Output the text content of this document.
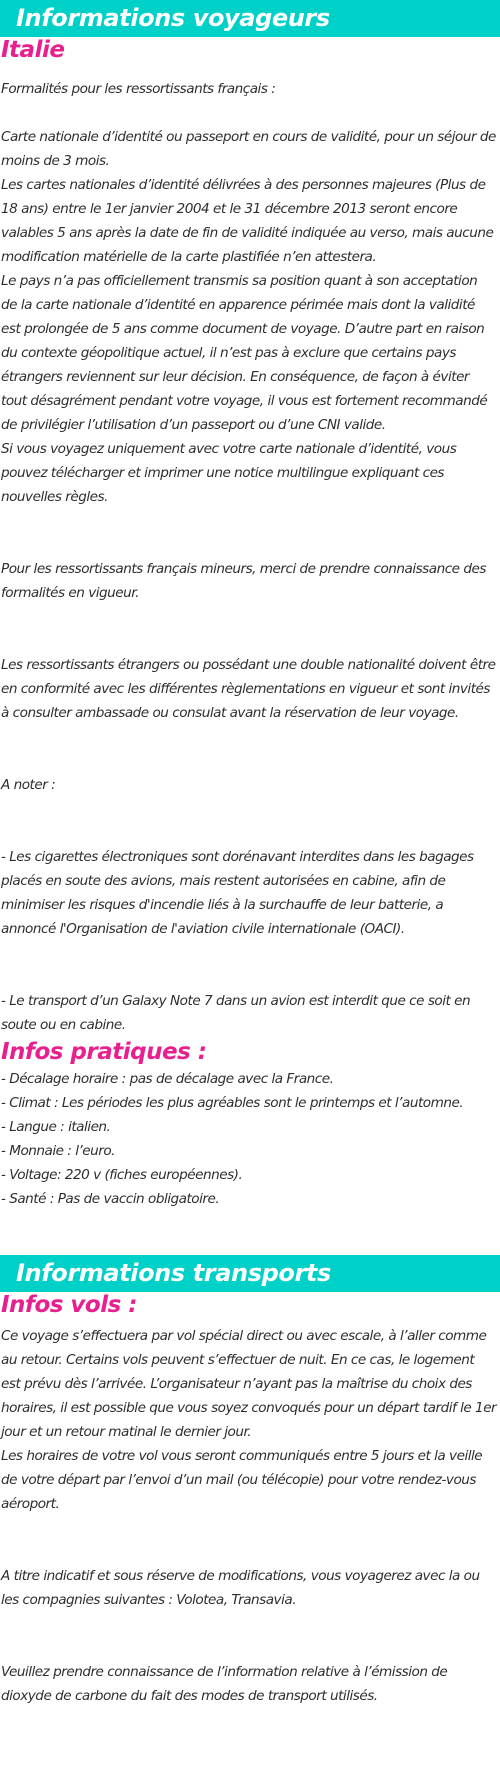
Informations voyageurs
Italie

Formalités pour les ressortissants français :

Carte nationale d’identité ou passeport en cours de validité, pour un séjour de moins de 3 mois.
Les cartes nationales d’identité délivrées à des personnes majeures (Plus de 18 ans) entre le 1er janvier 2004 et le 31 décembre 2013 seront encore valables 5 ans après la date de fin de validité indiquée au verso, mais aucune modification matérielle de la carte plastifiée n’en attestera.
Le pays n’a pas officiellement transmis sa position quant à son acceptation de la carte nationale d’identité en apparence périmée mais dont la validité est prolongée de 5 ans comme document de voyage. D’autre part en raison du contexte géopolitique actuel, il n’est pas à exclure que certains pays étrangers reviennent sur leur décision. En conséquence, de façon à éviter tout désagrément pendant votre voyage, il vous est fortement recommandé de privilégier l’utilisation d’un passeport ou d’une CNI valide.
Si vous voyagez uniquement avec votre carte nationale d’identité, vous pouvez télécharger et imprimer une notice multilingue expliquant ces nouvelles règles.

Pour les ressortissants français mineurs, merci de prendre connaissance des formalités en vigueur.

Les ressortissants étrangers ou possédant une double nationalité doivent être en conformité avec les différentes règlementations en vigueur et sont invités à consulter ambassade ou consulat avant la réservation de leur voyage.

A noter :

- Les cigarettes électroniques sont dorénavant interdites dans les bagages placés en soute des avions, mais restent autorisées en cabine, afin de minimiser les risques d'incendie liés à la surchauffe de leur batterie, a annoncé l'Organisation de l'aviation civile internationale (OACI).

- Le transport d’un Galaxy Note 7 dans un avion est interdit que ce soit en soute ou en cabine.

Infos pratiques :
- Décalage horaire : pas de décalage avec la France.
- Climat : Les périodes les plus agréables sont le printemps et l’automne.
- Langue : italien.
- Monnaie : l’euro.
- Voltage: 220 v (fiches européennes).
- Santé : Pas de vaccin obligatoire.
Informations transports
Infos vols :
Ce voyage s’effectuera par vol spécial direct ou avec escale, à l’aller comme au retour. Certains vols peuvent s’effectuer de nuit. En ce cas, le logement est prévu dès l’arrivée. L’organisateur n’ayant pas la maîtrise du choix des horaires, il est possible que vous soyez convoqués pour un départ tardif le 1er jour et un retour matinal le dernier jour.
Les horaires de votre vol vous seront communiqués entre 5 jours et la veille de votre départ par l’envoi d’un mail (ou télécopie) pour votre rendez-vous aéroport.

A titre indicatif et sous réserve de modifications, vous voyagerez avec la ou les compagnies suivantes : Volotea, Transavia.

Veuillez prendre connaissance de l’information relative à l’émission de dioxyde de carbone du fait des modes de transport utilisés.
